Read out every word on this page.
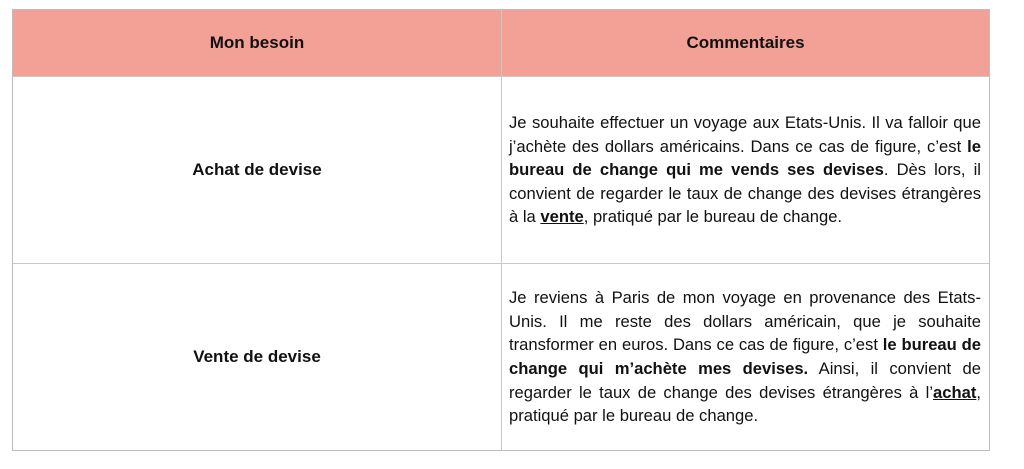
Mon besoin	Commentaires
Achat de devise
Je souhaite effectuer un voyage aux Etats-Unis. Il va falloir que j’achète des dollars américains. Dans ce cas de figure, c’est le bureau de change qui me vends ses devises. Dès lors, il convient de regarder le taux de change des devises étrangères à la vente, pratiqué par le bureau de change.
Vente de devise
Je reviens à Paris de mon voyage en provenance des Etats-Unis. Il me reste des dollars américain, que je souhaite transformer en euros. Dans ce cas de figure, c’est le bureau de change qui m’achète mes devises. Ainsi, il convient de regarder le taux de change des devises étrangères à l’achat, pratiqué par le bureau de change.
